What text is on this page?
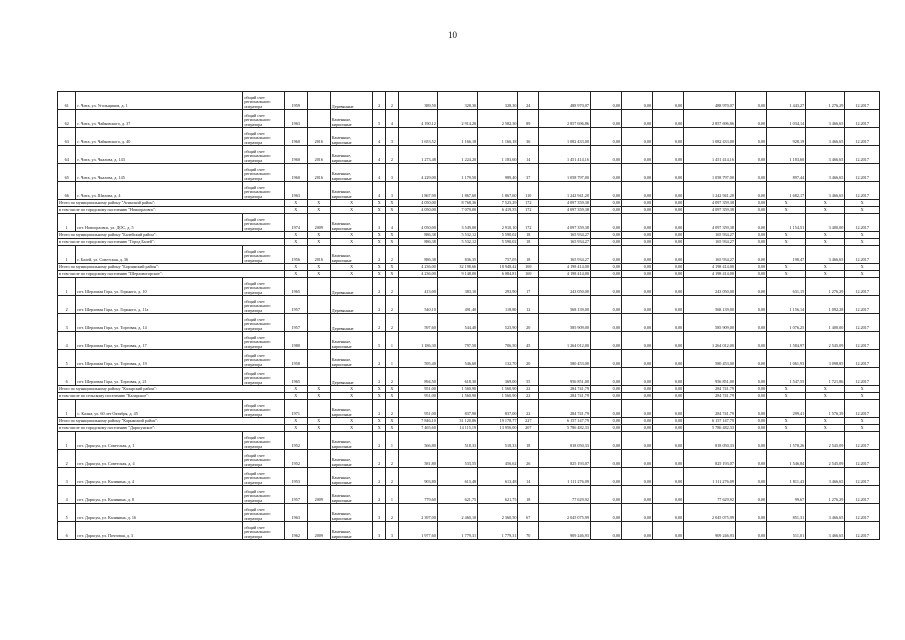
10
61	г. Чита, ул. Угольщиков, д. 1	общий счет регионального оператора	1959		Деревянные	2	2	389,50	328,30	328,30	24	488 970,07	0,00	0,00	0,00	488 970,07	0,00	1 443,27	1 276,29	12.2017
62	г. Чита, ул. Чайковского, д. 37	общий счет регионального оператора	1963		Каменные, кирпичные	5	4	4 190,12	2 914,20	2 582,30	89	2 857 696,86	0,00	0,00	0,00	2 857 696,86	0,00	1 034,14	3 466,65	12.2017
63	г. Чита, ул. Чайковского, д. 40	общий счет регионального оператора	1960	2016	Каменные, кирпичные	4	3	1 653,52	1 166,18	1 166,18	36	1 082 433,00	0,00	0,00	0,00	1 082 433,00	0,00	928,19	3 466,65	12.2017
64	г. Чита, ул. Чкалова, д. 143	общий счет регионального оператора	1960	2016	Каменные, кирпичные	4	2	1 273,48	1 224,20	1 183,60	14	1 451 414,16	0,00	0,00	0,00	1 451 414,16	0,00	1 183,60	3 466,65	12.2017
65	г. Чита, ул. Чкалова, д. 145	общий счет регионального оператора	1960	2016	Каменные, кирпичные	4	3	4 229,00	1 179,50	989,40	37	1 058 797,00	0,00	0,00	0,00	1 058 797,00	0,00	897,44	3 466,65	12.2017
66	г. Чита, ул. Шилова, д. 4	общий счет регионального оператора	1963		Каменные, кирпичные	4	3	1 867,90	1 867,60	1 867,60	110	1 242 941,20	0,00	0,00	0,00	1 242 941,20	0,00	1 682,17	3 466,65	12.2017
Итого по муниципальному району "Агинский район":			X	X	X	X	X	4 050,00	8 768,36	7 525,29	172	4 097 359,38	0,00	0,00	0,00	4 097 359,38	0,00	X	X	X
в том числе по городскому поселению "Новоорловск":			X	X	X	X	X	4 050,00	7 079,00	6 419,55	172	4 097 359,38	0,00	0,00	0,00	4 097 359,38	0,00	X	X	X
1	пгт. Новоорловск, ул. ДОС, д. 5	общий счет регионального оператора	1974	2009	Каменные, кирпичные	3	4	4 050,00	3 549,00	2 910,10	172	4 097 359,38	0,00	0,00	0,00	4 097 359,38	0,00	1 154,51	3 400,00	12.2017
Итого по муниципальному району "Балейский район":			X	X	X	X	X	886,38	5 532,12	5 590,02	18	165 934,27	0,00	0,00	0,00	165 934,27	0,00	X	X	X
в том числе по городскому поселению "Город Балей":			X	X	X	X	X	886,38	5 532,12	5 590,02	18	165 934,27	0,00	0,00	0,00	165 934,27	0,00	X	X	X
1	г. Балей, ул. Советская, д. 36	общий счет регионального оператора	1956	2016	Каменные, кирпичные	2	2	886,38	836,35	757,05	18	165 934,27	0,00	0,00	0,00	165 934,27	0,00	198,47	3 466,65	12.2017
Итого по муниципальному району "Борзинский район":			X	X	X	X	X	4 236,00	32 198,66	18 948,42	169	4 198 414,00	0,00	0,00	0,00	4 198 414,00	0,00	X	X	X
в том числе по городскому поселению "Шерловогорское":			X	X	X	X	X	4 236,00	9 148,00	6 084,81	169	4 198 414,00	0,00	0,00	0,00	4 198 414,00	0,00	X	X	X
1	пгт. Шерловая Гора, ул. Горького, д. 10	общий счет регионального оператора	1965		Деревянные	2	2	413,00	383,10	293,90	17	243 050,00	0,00	0,00	0,00	243 050,00	0,00	631,15	1 276,29	12.2017
2	пгт. Шерловая Гора, ул. Горького, д. 11а	общий счет регионального оператора	1957		Деревянные	2	2	540,10	491,40	118,80	12	568 139,00	0,00	0,00	0,00	568 139,00	0,00	1 156,14	1 092,28	12.2017
3	пгт. Шерловая Гора, ул. Торговая, д. 14	общий счет регионального оператора	1957		Деревянные	2	2	597,60	544,40	523,90	20	585 909,00	0,00	0,00	0,00	585 909,00	0,00	1 076,25	1 400,00	12.2017
4	пгт. Шерловая Гора, ул. Торговая, д. 17	общий счет регионального оператора	1980		Каменные, кирпичные	5	1	1 186,30	797,50	706,50	45	1 264 012,00	0,00	0,00	0,00	1 264 012,00	0,00	1 584,97	2 545,09	12.2017
5	пгт. Шерловая Гора, ул. Торговая, д. 19	общий счет регионального оператора	1958		Каменные, кирпичные	2	1	595,40	546,60	132,70	20	580 453,00	0,00	0,00	0,00	580 453,00	0,00	1 061,93	3 098,85	12.2017
6	пгт. Шерловая Гора, ул. Торговая, д. 21	общий счет регионального оператора	1965		Деревянные	2	2	894,50	618,30	369,00	55	956 851,00	0,00	0,00	0,00	956 851,00	0,00	1 547,55	1 721,86	12.2017
Итого по муниципальному району "Каларский район":			X	X	X	X	X	951,00	1 560,90	1 560,90	22	284 741,79	0,00	0,00	0,00	284 741,79	0,00	X	X	X
в том числе по сельскому поселению "Каларское":			X	X	X	X	X	951,00	1 560,90	1 560,90	22	284 741,79	0,00	0,00	0,00	284 741,79	0,00	X	X	X
1	с. Кална, ул. 60 лет Октября, д. 45	общий счет регионального оператора	1971		Каменные, кирпичные	2	2	951,00	837,90	837,00	22	284 741,79	0,00	0,00	0,00	284 741,79	0,00	299,41	1 576,39	12.2017
Итого по муниципальному району "Карымский район":			X	X	X	X	X	7 846,10	31 120,86	19 178,77	227	6 157 147,79	0,00	0,00	0,00	6 157 147,79	0,00	X	X	X
в том числе по городскому поселению "Дарасунское":			X	X	X	X	X	7 465,60	14 115,19	13 956,00	207	5 786 482,33	0,00	0,00	0,00	5 786 482,33	0,00	X	X	X
1	пгт. Дарасун, ул. Советская, д. 1	общий счет регионального оператора	1952		Каменные, кирпичные	2	1	566,80	518,33	518,33	18	818 050,33	0,00	0,00	0,00	818 050,33	0,00	1 578,26	2 545,09	12.2017
2	пгт. Дарасун, ул. Советская, д. 4	общий счет регионального оператора	1952		Каменные, кирпичные	2	2	581,80	533,55	456,62	26	825 193,07	0,00	0,00	0,00	825 193,07	0,00	1 546,84	2 545,09	12.2017
3	пгт. Дарасун, ул. Калинина, д. 4	общий счет регионального оператора	1953		Каменные, кирпичные	2	2	903,80	613,48	613,48	14	1 111 276,09	0,00	0,00	0,00	1 111 276,09	0,00	1 811,43	3 466,65	12.2017
4	пгт. Дарасун, ул. Калинина, д. 8	общий счет регионального оператора	1957	2009	Каменные, кирпичные	2	1	779,60	621,75	621,75	18	77 629,92	0,00	0,00	0,00	77 629,92	0,00	99,67	1 276,29	12.2017
5	пгт. Дарасун, ул. Калинина, д. 16	общий счет регионального оператора	1963		Каменные, кирпичные	3	2	2 397,00	2 460,10	2 360,50	67	2 045 075,99	0,00	0,00	0,00	2 045 075,99	0,00	851,31	3 466,65	12.2017
6	пгт. Дарасун, ул. Почтовая, д. 3	общий счет регионального оператора	1962	2009	Каменные, кирпичные	3	3	1 977,60	1 779,31	1 779,31	70	909 246,93	0,00	0,00	0,00	909 246,93	0,00	511,01	3 466,65	12.2017
